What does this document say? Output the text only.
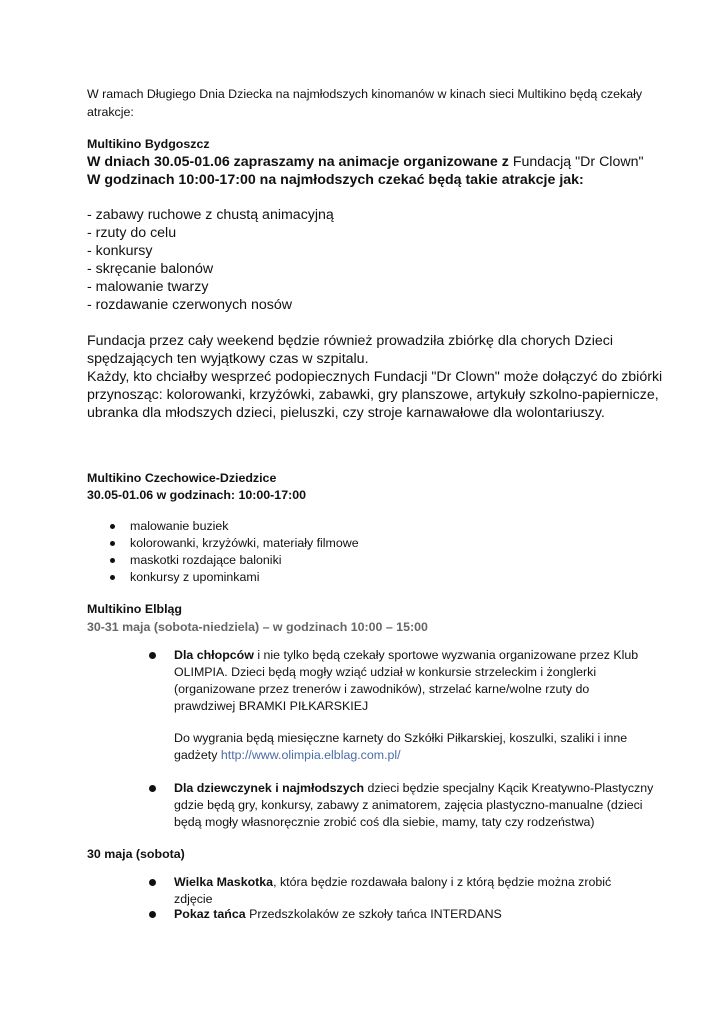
W ramach Długiego Dnia Dziecka na najmłodszych kinomanów w kinach sieci Multikino będą czekały
atrakcje:
Multikino Bydgoszcz
W dniach 30.05-01.06 zapraszamy na animacje organizowane z Fundacją "Dr Clown"
W godzinach 10:00-17:00 na najmłodszych czekać będą takie atrakcje jak:
- zabawy ruchowe z chustą animacyjną
- rzuty do celu
- konkursy
- skręcanie balonów
- malowanie twarzy
- rozdawanie czerwonych nosów
Fundacja przez cały weekend będzie również prowadziła zbiórkę dla chorych Dzieci
spędzających ten wyjątkowy czas w szpitalu.
Każdy, kto chciałby wesprzeć podopiecznych Fundacji "Dr Clown" może dołączyć do zbiórki
przynosząc: kolorowanki, krzyżówki, zabawki, gry planszowe, artykuły szkolno-papiernicze,
ubranka dla młodszych dzieci, pieluszki, czy stroje karnawałowe dla wolontariuszy.
Multikino Czechowice-Dziedzice
30.05-01.06 w godzinach: 10:00-17:00
malowanie buziek
kolorowanki, krzyżówki, materiały filmowe
maskotki rozdające baloniki
konkursy z upominkami
Multikino Elbląg
30-31 maja (sobota-niedziela) – w godzinach 10:00 – 15:00
Dla chłopców i nie tylko będą czekały sportowe wyzwania organizowane przez Klub
OLIMPIA. Dzieci będą mogły wziąć udział w konkursie strzeleckim i żonglerki
(organizowane przez trenerów i zawodników), strzelać karne/wolne rzuty do
prawdziwej BRAMKI PIŁKARSKIEJ
Do wygrania będą miesięczne karnety do Szkółki Piłkarskiej, koszulki, szaliki i inne
gadżety http://www.olimpia.elblag.com.pl/
Dla dziewczynek i najmłodszych dzieci będzie specjalny Kącik Kreatywno-Plastyczny
gdzie będą gry, konkursy, zabawy z animatorem, zajęcia plastyczno-manualne (dzieci
będą mogły własnoręcznie zrobić coś dla siebie, mamy, taty czy rodzeństwa)
30 maja (sobota)
Wielka Maskotka, która będzie rozdawała balony i z którą będzie można zrobić
zdjęcie
Pokaz tańca Przedszkolaków ze szkoły tańca INTERDANS
